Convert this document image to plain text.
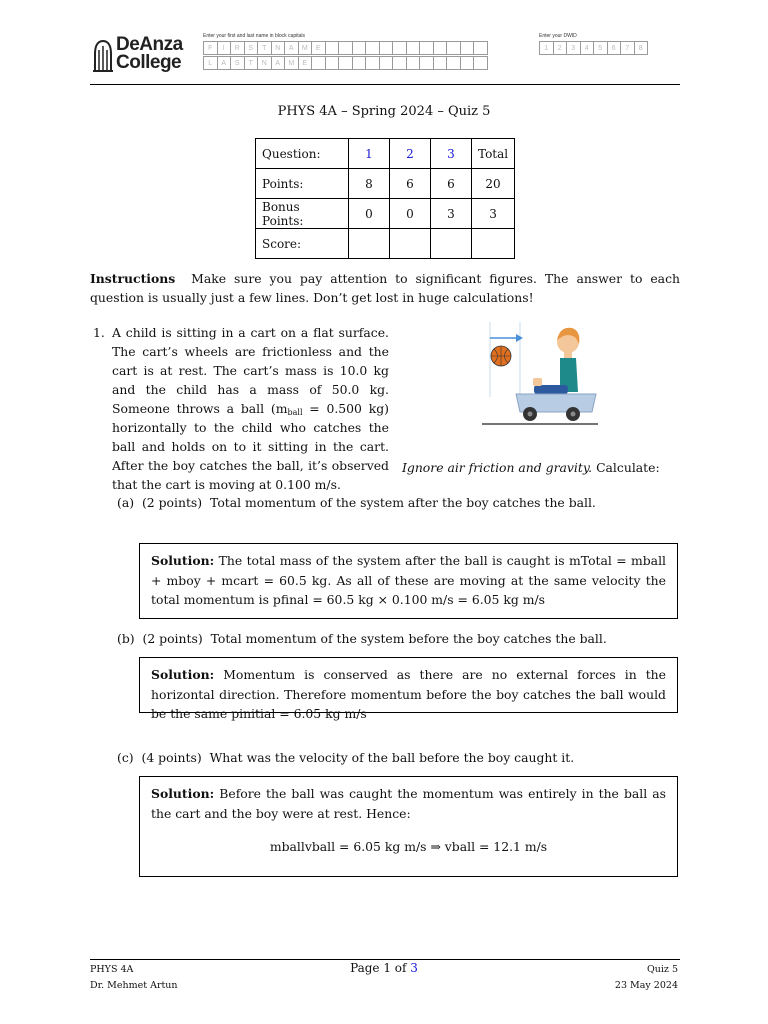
DeAnza
College
Enter your first and last name in block capitals
F	I	R	S	T	N	A	M	E
L	A	S	T	N	A	M	E
Enter your DWID
1	2	3	4	5	6	7	8
PHYS 4A – Spring 2024 – Quiz 5
Question:	1	2	3	Total
Points:	8	6	6	20
Bonus Points:	0	0	3	3
Score:				
Instructions Make sure you pay attention to significant figures. The answer to each question is usually just a few lines. Don’t get lost in huge calculations!
1. A child is sitting in a cart on a flat surface. The cart’s wheels are frictionless and the cart is at rest. The cart’s mass is 10.0 kg and the child has a mass of 50.0 kg. Someone throws a ball ($m_{ball} = 0.500$ kg) horizontally to the child who catches the ball and holds on to it sitting in the cart. After the boy catches the ball, it’s observed that the cart is moving at 0.100 m/s.
Ignore air friction and gravity. Calculate:
(a) (2 points) Total momentum of the system after the boy catches the ball.
Solution: The total mass of the system after the ball is caught is mTotal = mball + mboy + mcart = 60.5 kg. As all of these are moving at the same velocity the total momentum is pfinal = 60.5 kg × 0.100 m/s = 6.05 kg m/s
(b) (2 points) Total momentum of the system before the boy catches the ball.
Solution: Momentum is conserved as there are no external forces in the horizontal direction. Therefore momentum before the boy catches the ball would be the same pinitial = 6.05 kg m/s
(c) (4 points) What was the velocity of the ball before the boy caught it.
Solution: Before the ball was caught the momentum was entirely in the ball as the cart and the boy were at rest. Hence:
mballvball = 6.05 kg m/s ⇒ vball = 12.1 m/s
PHYS 4A
Dr. Mehmet Artun
Page 1 of 3	Quiz 5
23 May 2024
